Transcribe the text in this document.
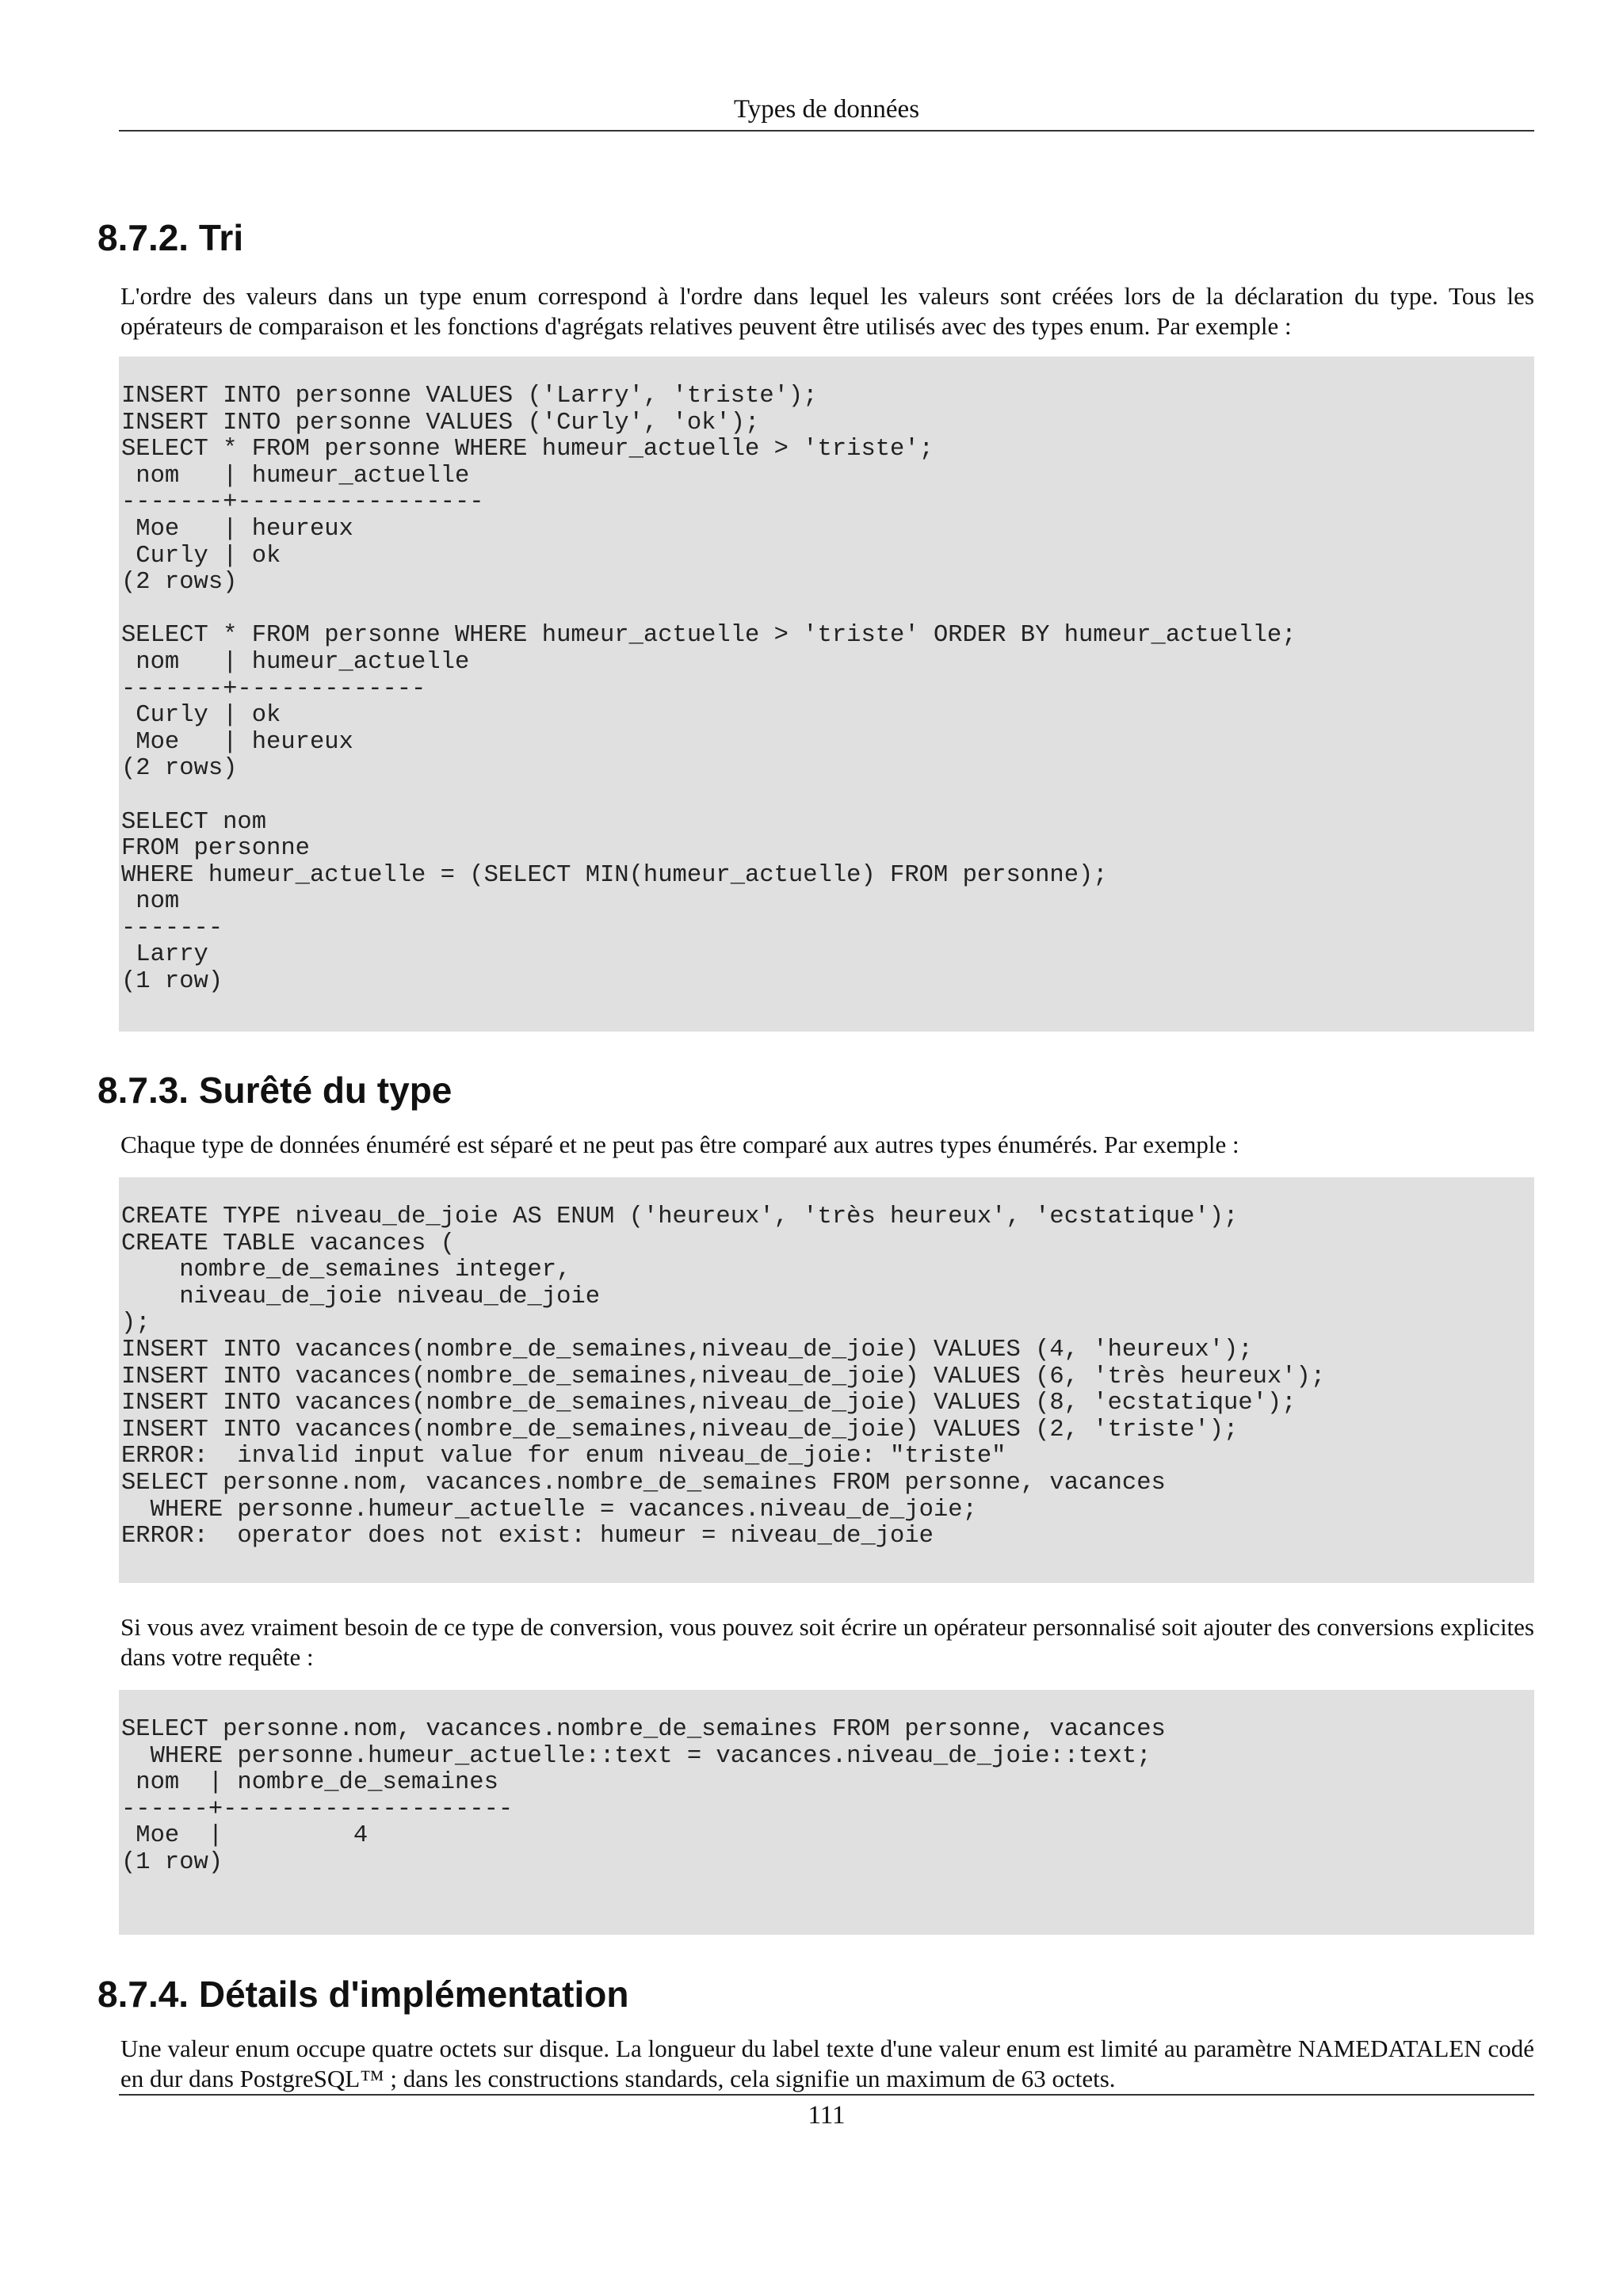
Types de données
8.7.2. Tri

L'ordre des valeurs dans un type enum correspond à l'ordre dans lequel les valeurs sont créées lors de la déclaration du type. Tous les opérateurs de comparaison et les fonctions d'agrégats relatives peuvent être utilisés avec des types enum. Par exemple :

INSERT INTO personne VALUES ('Larry', 'triste');
INSERT INTO personne VALUES ('Curly', 'ok');
SELECT * FROM personne WHERE humeur_actuelle > 'triste';
nom   | humeur_actuelle
-------+-----------------
Moe   | heureux
Curly | ok
(2 rows)

SELECT * FROM personne WHERE humeur_actuelle > 'triste' ORDER BY humeur_actuelle;
nom   | humeur_actuelle
-------+-------------
Curly | ok
Moe   | heureux
(2 rows)

SELECT nom
FROM personne
WHERE humeur_actuelle = (SELECT MIN(humeur_actuelle) FROM personne);
nom
-------
Larry
(1 row)
8.7.3. Surêté du type

Chaque type de données énuméré est séparé et ne peut pas être comparé aux autres types énumérés. Par exemple :

CREATE TYPE niveau_de_joie AS ENUM ('heureux', 'très heureux', 'ecstatique');
CREATE TABLE vacances (
nombre_de_semaines integer,
niveau_de_joie niveau_de_joie
);
INSERT INTO vacances(nombre_de_semaines,niveau_de_joie) VALUES (4, 'heureux');
INSERT INTO vacances(nombre_de_semaines,niveau_de_joie) VALUES (6, 'très heureux');
INSERT INTO vacances(nombre_de_semaines,niveau_de_joie) VALUES (8, 'ecstatique');
INSERT INTO vacances(nombre_de_semaines,niveau_de_joie) VALUES (2, 'triste');
ERROR:  invalid input value for enum niveau_de_joie: "triste"
SELECT personne.nom, vacances.nombre_de_semaines FROM personne, vacances
WHERE personne.humeur_actuelle = vacances.niveau_de_joie;
ERROR:  operator does not exist: humeur = niveau_de_joie

Si vous avez vraiment besoin de ce type de conversion, vous pouvez soit écrire un opérateur personnalisé soit ajouter des conversions explicites dans votre requête :

SELECT personne.nom, vacances.nombre_de_semaines FROM personne, vacances
WHERE personne.humeur_actuelle::text = vacances.niveau_de_joie::text;
nom  | nombre_de_semaines
------+--------------------
Moe  |         4
(1 row)
8.7.4. Détails d'implémentation

Une valeur enum occupe quatre octets sur disque. La longueur du label texte d'une valeur enum est limité au paramètre NAMEDATALEN codé en dur dans PostgreSQL™ ; dans les constructions standards, cela signifie un maximum de 63 octets.

111
